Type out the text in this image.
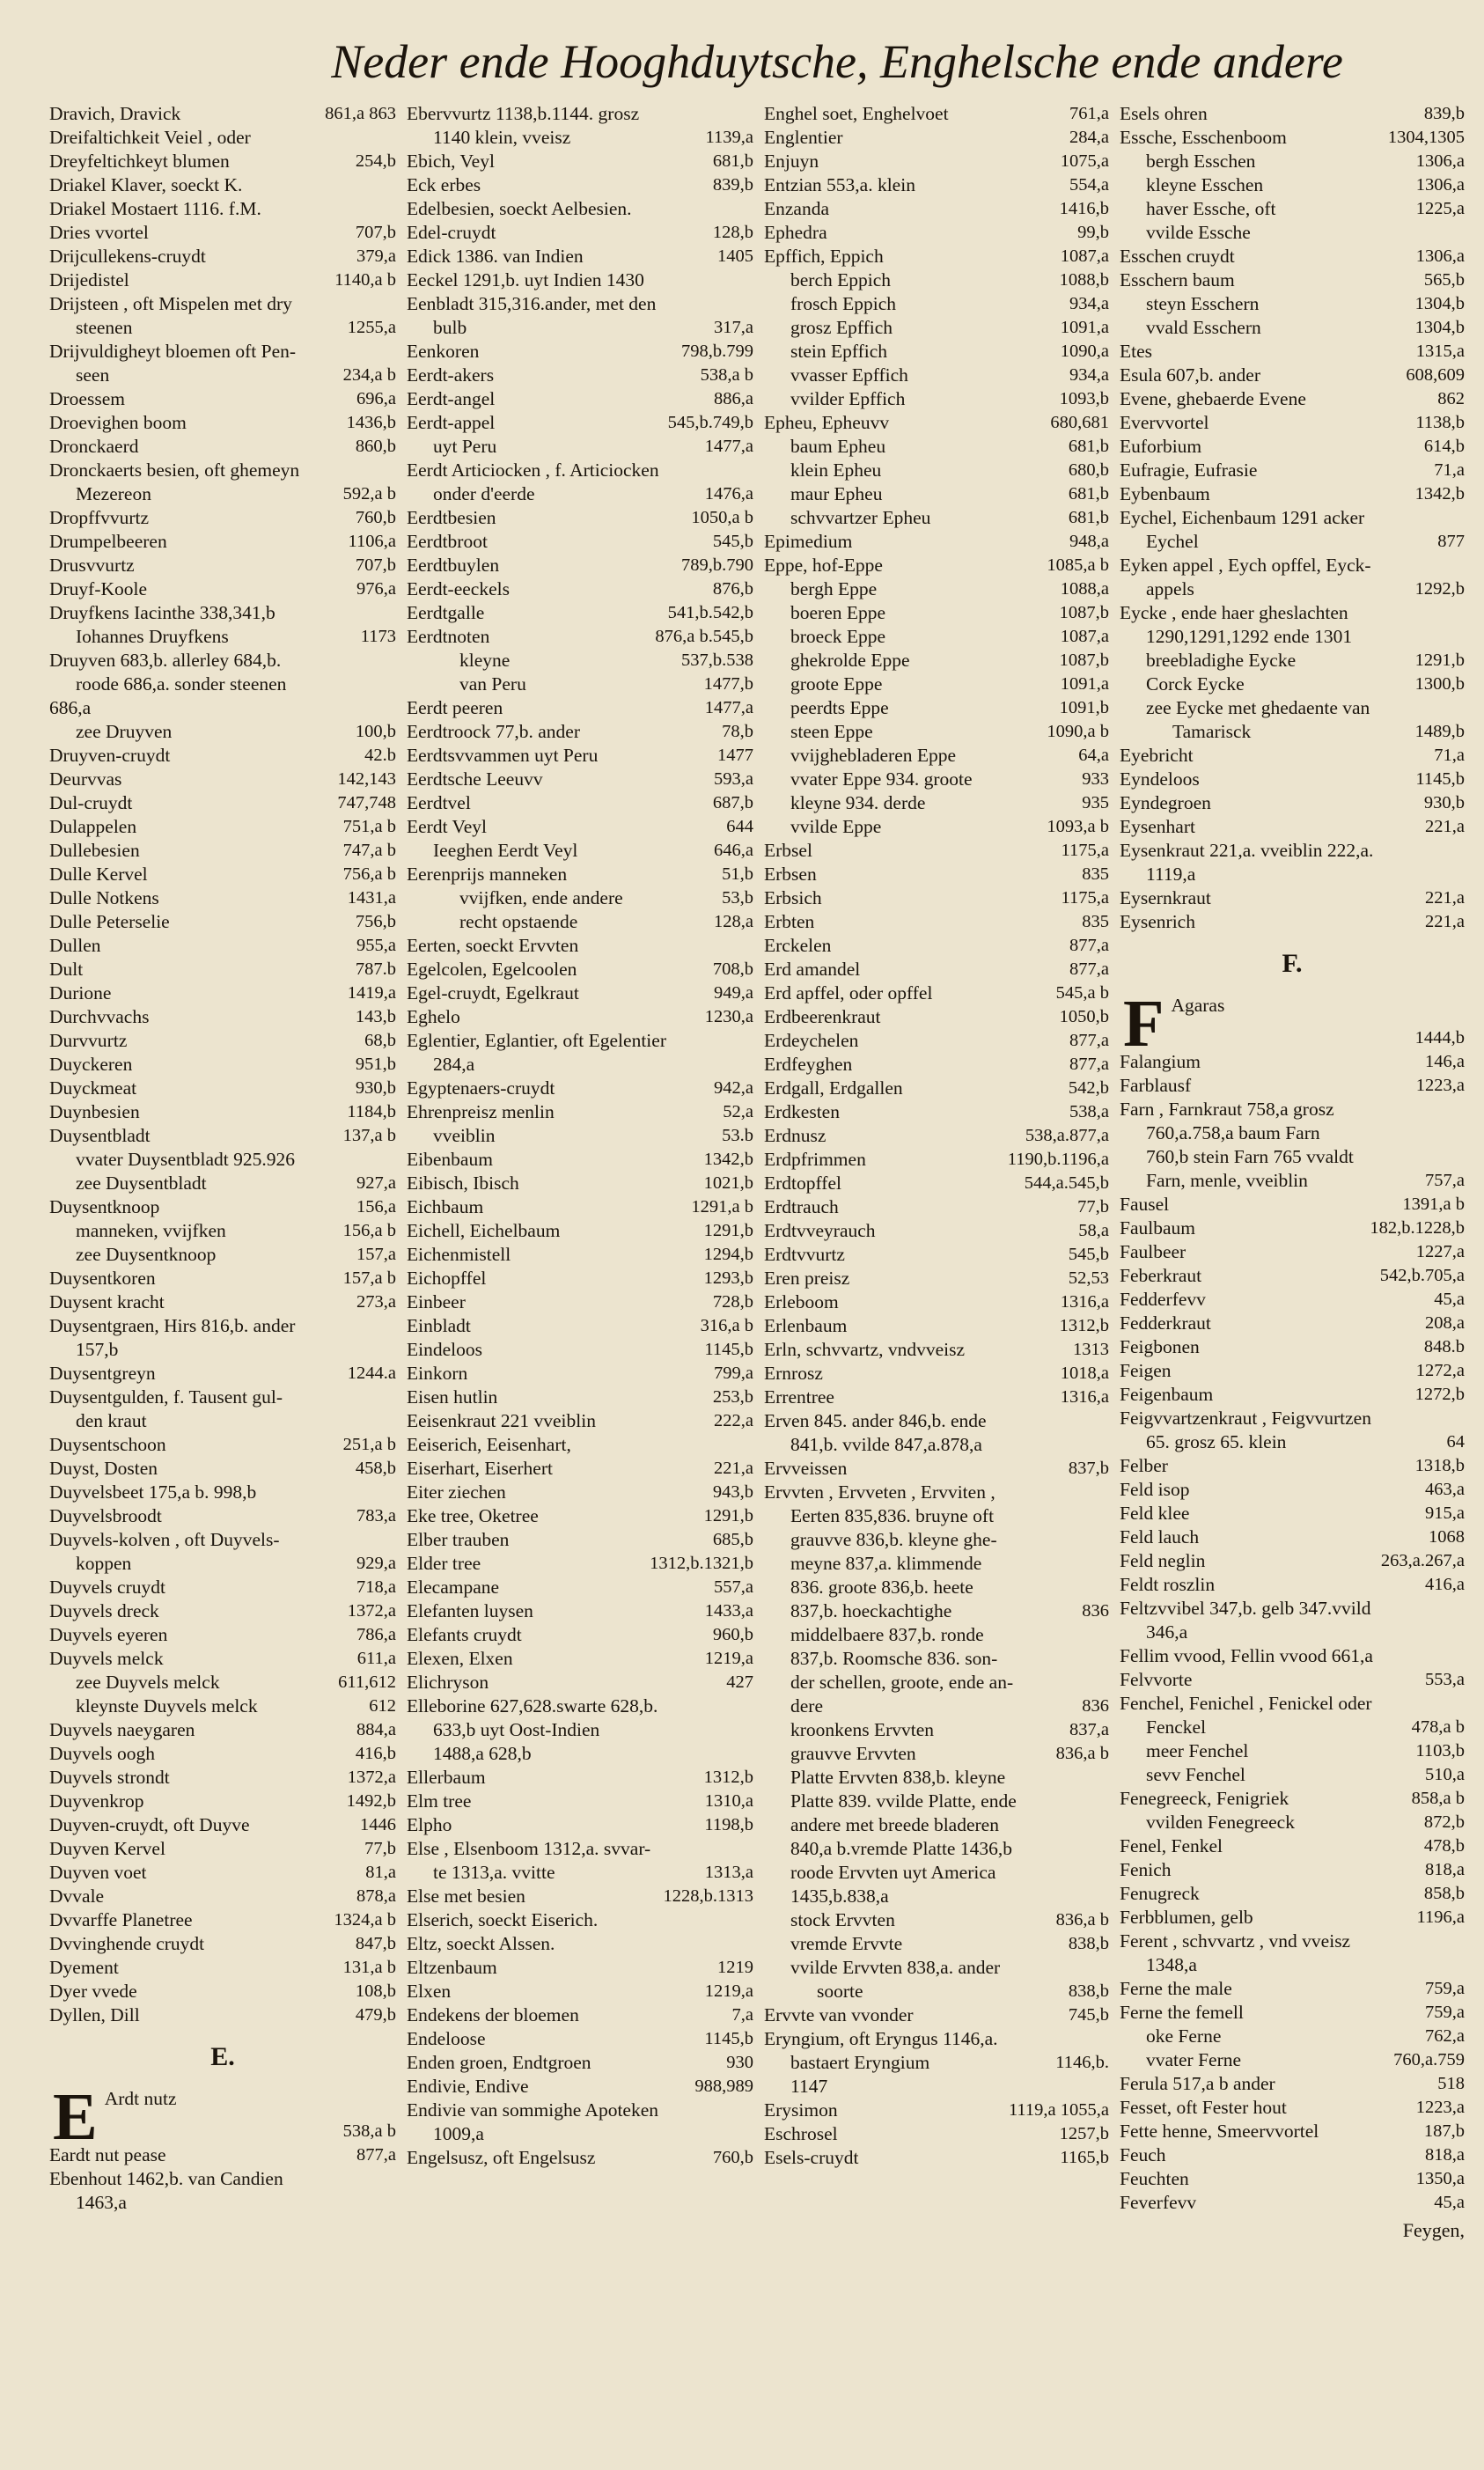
Neder ende Hooghduytsche, Enghelsche ende andere
Dravich, Dravick	861,a 863
Dreifaltichkeit Veiel , oder
Dreyfeltichkeyt blumen	254,b
Driakel Klaver, soeckt K.
Driakel Mostaert 1116. f.M.
Dries vvortel	707,b
Drijcullekens-cruydt	379,a
Drijedistel	1140,a b
Drijsteen , oft Mispelen met dry
steenen	1255,a
Drijvuldigheyt bloemen oft Pen-
seen	234,a b
Droessem	696,a
Droevighen boom	1436,b
Dronckaerd	860,b
Dronckaerts besien, oft ghemeyn
Mezereon	592,a b
Dropffvvurtz	760,b
Drumpelbeeren	1106,a
Drusvvurtz	707,b
Druyf-Koole	976,a
Druyfkens Iacinthe 338,341,b
Iohannes Druyfkens	1173
Druyven 683,b. allerley 684,b.
roode 686,a. sonder steenen
686,a
zee Druyven	100,b
Druyven-cruydt	42.b
Deurvvas	142,143
Dul-cruydt	747,748
Dulappelen	751,a b
Dullebesien	747,a b
Dulle Kervel	756,a b
Dulle Notkens	1431,a
Dulle Peterselie	756,b
Dullen	955,a
Dult	787.b
Durione	1419,a
Durchvvachs	143,b
Durvvurtz	68,b
Duyckeren	951,b
Duyckmeat	930,b
Duynbesien	1184,b
Duysentbladt	137,a b
vvater Duysentbladt 925.926
zee Duysentbladt	927,a
Duysentknoop	156,a
manneken, vvijfken	156,a b
zee Duysentknoop	157,a
Duysentkoren	157,a b
Duysent kracht	273,a
Duysentgraen, Hirs 816,b. ander
157,b
Duysentgreyn	1244.a
Duysentgulden, f. Tausent gul-
den kraut
Duysentschoon	251,a b
Duyst, Dosten	458,b
Duyvelsbeet 175,a b. 998,b
Duyvelsbroodt	783,a
Duyvels-kolven , oft Duyvels-
koppen	929,a
Duyvels cruydt	718,a
Duyvels dreck	1372,a
Duyvels eyeren	786,a
Duyvels melck	611,a
zee Duyvels melck	611,612
kleynste Duyvels melck	612
Duyvels naeygaren	884,a
Duyvels oogh	416,b
Duyvels strondt	1372,a
Duyvenkrop	1492,b
Duyven-cruydt, oft Duyve	1446
Duyven Kervel	77,b
Duyven voet	81,a
Dvvale	878,a
Dvvarffe Planetree	1324,a b
Dvvinghende cruydt	847,b
Dyement	131,a b
Dyer vvede	108,b
Dyllen, Dill	479,b
E.
E Ardt nutz
538,a b
Eardt nut pease	877,a
Ebenhout 1462,b. van Candien
1463,a
Ebervvurtz 1138,b.1144. grosz
1140 klein, vveisz	1139,a
Ebich, Veyl	681,b
Eck erbes	839,b
Edelbesien, soeckt Aelbesien.
Edel-cruydt	128,b
Edick 1386. van Indien	1405
Eeckel 1291,b. uyt Indien 1430
Eenbladt 315,316.ander, met den
bulb	317,a
Eenkoren	798,b.799
Eerdt-akers	538,a b
Eerdt-angel	886,a
Eerdt-appel	545,b.749,b
uyt Peru	1477,a
Eerdt Articiocken , f. Articiocken
onder d'eerde	1476,a
Eerdtbesien	1050,a b
Eerdtbroot	545,b
Eerdtbuylen	789,b.790
Eerdt-eeckels	876,b
Eerdtgalle	541,b.542,b
Eerdtnoten	876,a b.545,b
kleyne	537,b.538
van Peru	1477,b
Eerdt peeren	1477,a
Eerdtroock 77,b. ander	78,b
Eerdtsvvammen uyt Peru	1477
Eerdtsche Leeuvv	593,a
Eerdtvel	687,b
Eerdt Veyl	644
Ieeghen Eerdt Veyl	646,a
Eerenprijs manneken	51,b
vvijfken, ende andere	53,b
recht opstaende	128,a
Eerten, soeckt Ervvten
Egelcolen, Egelcoolen	708,b
Egel-cruydt, Egelkraut	949,a
Eghelo	1230,a
Eglentier, Eglantier, oft Egelentier
284,a
Egyptenaers-cruydt	942,a
Ehrenpreisz menlin	52,a
vveiblin	53.b
Eibenbaum	1342,b
Eibisch, Ibisch	1021,b
Eichbaum	1291,a b
Eichell, Eichelbaum	1291,b
Eichenmistell	1294,b
Eichopffel	1293,b
Einbeer	728,b
Einbladt	316,a b
Eindeloos	1145,b
Einkorn	799,a
Eisen hutlin	253,b
Eeisenkraut 221 vveiblin	222,a
Eeiserich, Eeisenhart,
Eiserhart, Eiserhert	221,a
Eiter ziechen	943,b
Eke tree, Oketree	1291,b
Elber trauben	685,b
Elder tree	1312,b.1321,b
Elecampane	557,a
Elefanten luysen	1433,a
Elefants cruydt	960,b
Elexen, Elxen	1219,a
Elichryson	427
Elleborine 627,628.swarte 628,b.
633,b uyt Oost-Indien
1488,a 628,b
Ellerbaum	1312,b
Elm tree	1310,a
Elpho	1198,b
Else , Elsenboom 1312,a. svvar-
te 1313,a. vvitte	1313,a
Else met besien	1228,b.1313
Elserich, soeckt Eiserich.
Eltz, soeckt Alssen.
Eltzenbaum	1219
Elxen	1219,a
Endekens der bloemen	7,a
Endeloose	1145,b
Enden groen, Endtgroen	930
Endivie, Endive	988,989
Endivie van sommighe Apoteken
1009,a
Engelsusz, oft Engelsusz	760,b
Enghel soet, Enghelvoet	761,a
Englentier	284,a
Enjuyn	1075,a
Entzian 553,a. klein	554,a
Enzanda	1416,b
Ephedra	99,b
Epffich, Eppich	1087,a
berch Eppich	1088,b
frosch Eppich	934,a
grosz Epffich	1091,a
stein Epffich	1090,a
vvasser Epffich	934,a
vvilder Epffich	1093,b
Epheu, Epheuvv	680,681
baum Epheu	681,b
klein Epheu	680,b
maur Epheu	681,b
schvvartzer Epheu	681,b
Epimedium	948,a
Eppe, hof-Eppe	1085,a b
bergh Eppe	1088,a
boeren Eppe	1087,b
broeck Eppe	1087,a
ghekrolde Eppe	1087,b
groote Eppe	1091,a
peerdts Eppe	1091,b
steen Eppe	1090,a b
vvijghebladeren Eppe	64,a
vvater Eppe 934. groote	933
kleyne 934. derde	935
vvilde Eppe	1093,a b
Erbsel	1175,a
Erbsen	835
Erbsich	1175,a
Erbten	835
Erckelen	877,a
Erd amandel	877,a
Erd apffel, oder opffel	545,a b
Erdbeerenkraut	1050,b
Erdeychelen	877,a
Erdfeyghen	877,a
Erdgall, Erdgallen	542,b
Erdkesten	538,a
Erdnusz	538,a.877,a
Erdpfrimmen	1190,b.1196,a
Erdtopffel	544,a.545,b
Erdtrauch	77,b
Erdtvveyrauch	58,a
Erdtvvurtz	545,b
Eren preisz	52,53
Erleboom	1316,a
Erlenbaum	1312,b
Erln, schvvartz, vndvveisz	1313
Ernrosz	1018,a
Errentree	1316,a
Erven 845. ander 846,b. ende
841,b. vvilde 847,a.878,a
Ervveissen	837,b
Ervvten , Ervveten , Ervviten ,
Eerten 835,836. bruyne oft
grauvve 836,b. kleyne ghe-
meyne 837,a. klimmende
836. groote 836,b. heete
837,b. hoeckachtighe	836
middelbaere 837,b. ronde
837,b. Roomsche 836. son-
der schellen, groote, ende an-
dere	836
kroonkens Ervvten	837,a
grauvve Ervvten	836,a b
Platte Ervvten 838,b. kleyne
Platte 839. vvilde Platte, ende
andere met breede bladeren
840,a b.vremde Platte 1436,b
roode Ervvten uyt America
1435,b.838,a
stock Ervvten	836,a b
vremde Ervvte	838,b
vvilde Ervvten 838,a. ander
soorte	838,b
Ervvte van vvonder	745,b
Eryngium, oft Eryngus 1146,a.
bastaert Eryngium	1146,b.
1147
Erysimon	1119,a 1055,a
Eschrosel	1257,b
Esels-cruydt	1165,b
Esels ohren	839,b
Essche, Esschenboom	1304,1305
bergh Esschen	1306,a
kleyne Esschen	1306,a
haver Essche, oft	1225,a
vvilde Essche
Esschen cruydt	1306,a
Esschern baum	565,b
steyn Esschern	1304,b
vvald Esschern	1304,b
Etes	1315,a
Esula 607,b. ander	608,609
Evene, ghebaerde Evene	862
Evervvortel	1138,b
Euforbium	614,b
Eufragie, Eufrasie	71,a
Eybenbaum	1342,b
Eychel, Eichenbaum 1291 acker
Eychel	877
Eyken appel , Eych opffel, Eyck-
appels	1292,b
Eycke , ende haer gheslachten
1290,1291,1292 ende 1301
breebladighe Eycke	1291,b
Corck Eycke	1300,b
zee Eycke met ghedaente van
Tamarisck	1489,b
Eyebricht	71,a
Eyndeloos	1145,b
Eyndegroen	930,b
Eysenhart	221,a
Eysenkraut 221,a. vveiblin 222,a.
1119,a
Eysernkraut	221,a
Eysenrich	221,a
F.
F Agaras
1444,b
Falangium	146,a
Farblausf	1223,a
Farn , Farnkraut 758,a grosz
760,a.758,a baum Farn
760,b stein Farn 765 vvaldt
Farn, menle, vveiblin	757,a
Fausel	1391,a b
Faulbaum	182,b.1228,b
Faulbeer	1227,a
Feberkraut	542,b.705,a
Fedderfevv	45,a
Fedderkraut	208,a
Feigbonen	848.b
Feigen	1272,a
Feigenbaum	1272,b
Feigvvartzenkraut , Feigvvurtzen
65. grosz 65. klein	64
Felber	1318,b
Feld isop	463,a
Feld klee	915,a
Feld lauch	1068
Feld neglin	263,a.267,a
Feldt roszlin	416,a
Feltzvvibel 347,b. gelb 347.vvild
346,a
Fellim vvood, Fellin vvood 661,a
Felvvorte	553,a
Fenchel, Fenichel , Fenickel oder
Fenckel	478,a b
meer Fenchel	1103,b
sevv Fenchel	510,a
Fenegreeck, Fenigriek	858,a b
vvilden Fenegreeck	872,b
Fenel, Fenkel	478,b
Fenich	818,a
Fenugreck	858,b
Ferbblumen, gelb	1196,a
Ferent , schvvartz , vnd vveisz
1348,a
Ferne the male	759,a
Ferne the femell	759,a
oke Ferne	762,a
vvater Ferne	760,a.759
Ferula 517,a b ander	518
Fesset, oft Fester hout	1223,a
Fette henne, Smeervvortel	187,b
Feuch	818,a
Feuchten	1350,a
Feverfevv	45,a
Feygen,
